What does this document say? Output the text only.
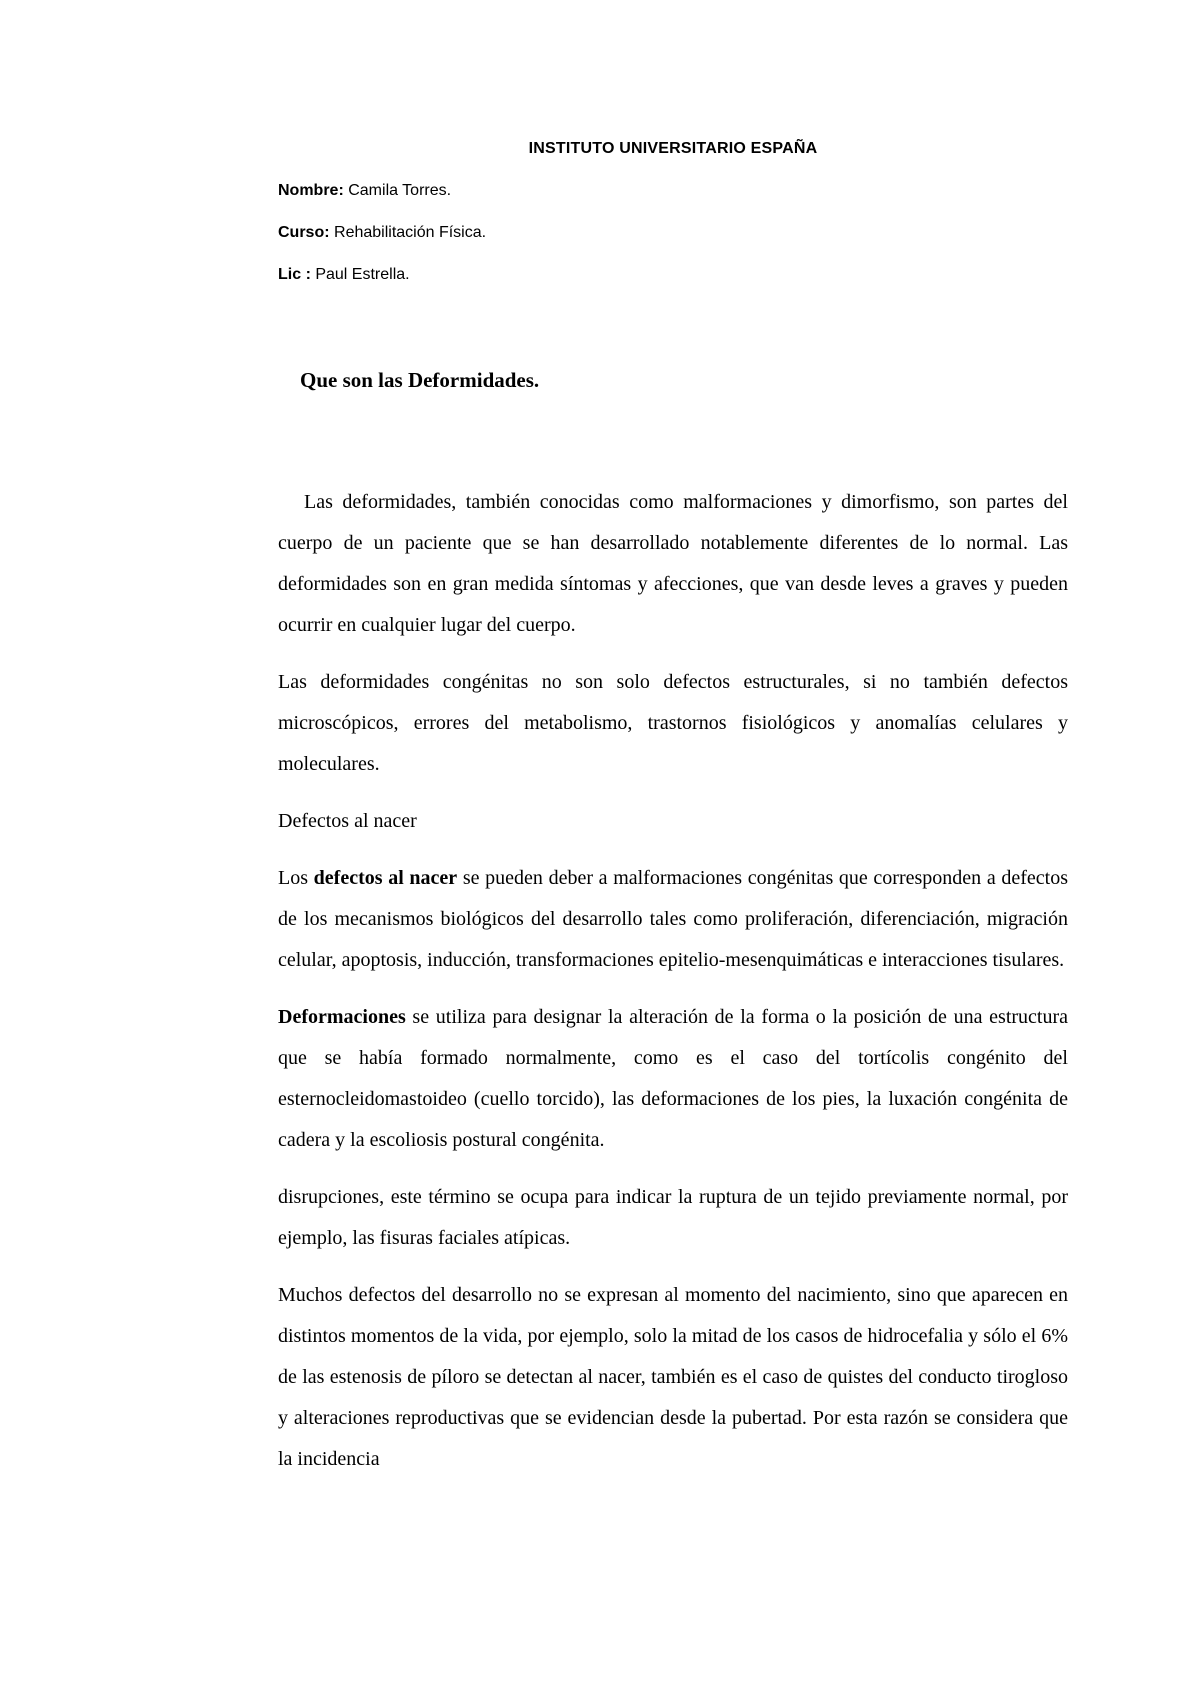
INSTITUTO UNIVERSITARIO ESPAÑA
Nombre: Camila Torres.
Curso: Rehabilitación Física.
Lic : Paul Estrella.
Que son las Deformidades.

Las deformidades, también conocidas como malformaciones y dimorfismo, son partes del cuerpo de un paciente que se han desarrollado notablemente diferentes de lo normal. Las deformidades son en gran medida síntomas y afecciones, que van desde leves a graves y pueden ocurrir en cualquier lugar del cuerpo.

Las deformidades congénitas no son solo defectos estructurales, si no también defectos microscópicos, errores del metabolismo, trastornos fisiológicos y anomalías celulares y moleculares.

Defectos al nacer

Los defectos al nacer se pueden deber a malformaciones congénitas que corresponden a defectos de los mecanismos biológicos del desarrollo tales como proliferación, diferenciación, migración celular, apoptosis, inducción, transformaciones epitelio-mesenquimáticas e interacciones tisulares.

Deformaciones se utiliza para designar la alteración de la forma o la posición de una estructura que se había formado normalmente, como es el caso del tortícolis congénito del esternocleidomastoideo (cuello torcido), las deformaciones de los pies, la luxación congénita de cadera y la escoliosis postural congénita.

disrupciones, este término se ocupa para indicar la ruptura de un tejido previamente normal, por ejemplo, las fisuras faciales atípicas.

Muchos defectos del desarrollo no se expresan al momento del nacimiento, sino que aparecen en distintos momentos de la vida, por ejemplo, solo la mitad de los casos de hidrocefalia y sólo el 6% de las estenosis de píloro se detectan al nacer, también es el caso de quistes del conducto tirogloso y alteraciones reproductivas que se evidencian desde la pubertad. Por esta razón se considera que la incidencia
